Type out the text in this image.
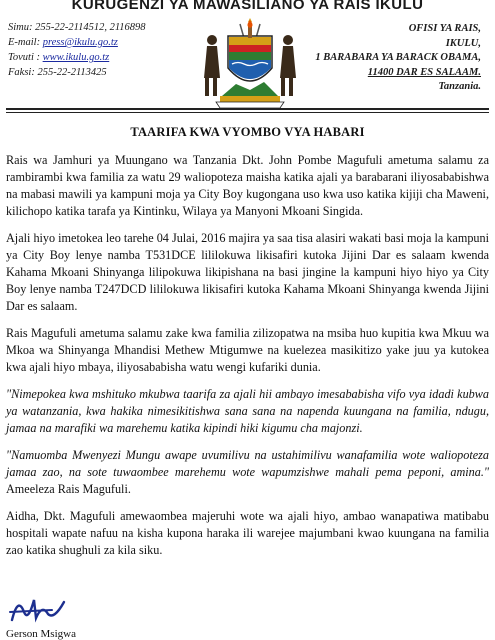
KURUGENZI YA MAWASILIANO YA RAIS IKULU
Simu: 255-22-2114512, 2116898
E-mail: press@ikulu.go.tz
Tovuti : www.ikulu.go.tz
Faksi: 255-22-2113425
OFISI YA RAIS,
IKULU,
1 BARABARA YA BARACK OBAMA,
11400 DAR ES SALAAM.
Tanzania.
TAARIFA KWA VYOMBO VYA HABARI

Rais wa Jamhuri ya Muungano wa Tanzania Dkt. John Pombe Magufuli ametuma salamu za rambirambi kwa familia za watu 29 waliopoteza maisha katika ajali ya barabarani iliyosababishwa na mabasi mawili ya kampuni moja ya City Boy kugongana uso kwa uso katika kijiji cha Maweni, kilichopo katika tarafa ya Kintinku, Wilaya ya Manyoni Mkoani Singida.

Ajali hiyo imetokea leo tarehe 04 Julai, 2016 majira ya saa tisa alasiri wakati basi moja la kampuni ya City Boy lenye namba T531DCE lililokuwa likisafiri kutoka Jijini Dar es salaam kwenda Kahama Mkoani Shinyanga lilipokuwa likipishana na basi jingine la kampuni hiyo hiyo ya City Boy lenye namba T247DCD lililokuwa likisafiri kutoka Kahama Mkoani Shinyanga kwenda Jijini Dar es salaam.

Rais Magufuli ametuma salamu zake kwa familia zilizopatwa na msiba huo kupitia kwa Mkuu wa Mkoa wa Shinyanga Mhandisi Methew Mtigumwe na kuelezea masikitizo yake juu ya kutokea kwa ajali hiyo mbaya, iliyosababisha watu wengi kufariki dunia.

"Nimepokea kwa mshituko mkubwa taarifa za ajali hii ambayo imesababisha vifo vya idadi kubwa ya watanzania, kwa hakika nimesikitishwa sana sana na napenda kuungana na familia, ndugu, jamaa na marafiki wa marehemu katika kipindi hiki kigumu cha majonzi.

"Namuomba Mwenyezi Mungu awape uvumilivu na ustahimilivu wanafamilia wote waliopoteza jamaa zao, na sote tuwaombee marehemu wote wapumzishwe mahali pema peponi, amina." Ameeleza Rais Magufuli.

Aidha, Dkt. Magufuli amewaombea majeruhi wote wa ajali hiyo, ambao wanapatiwa matibabu hospitali wapate nafuu na kisha kupona haraka ili warejee majumbani kwao kuungana na familia zao katika shughuli za kila siku.

Gerson Msigwa
